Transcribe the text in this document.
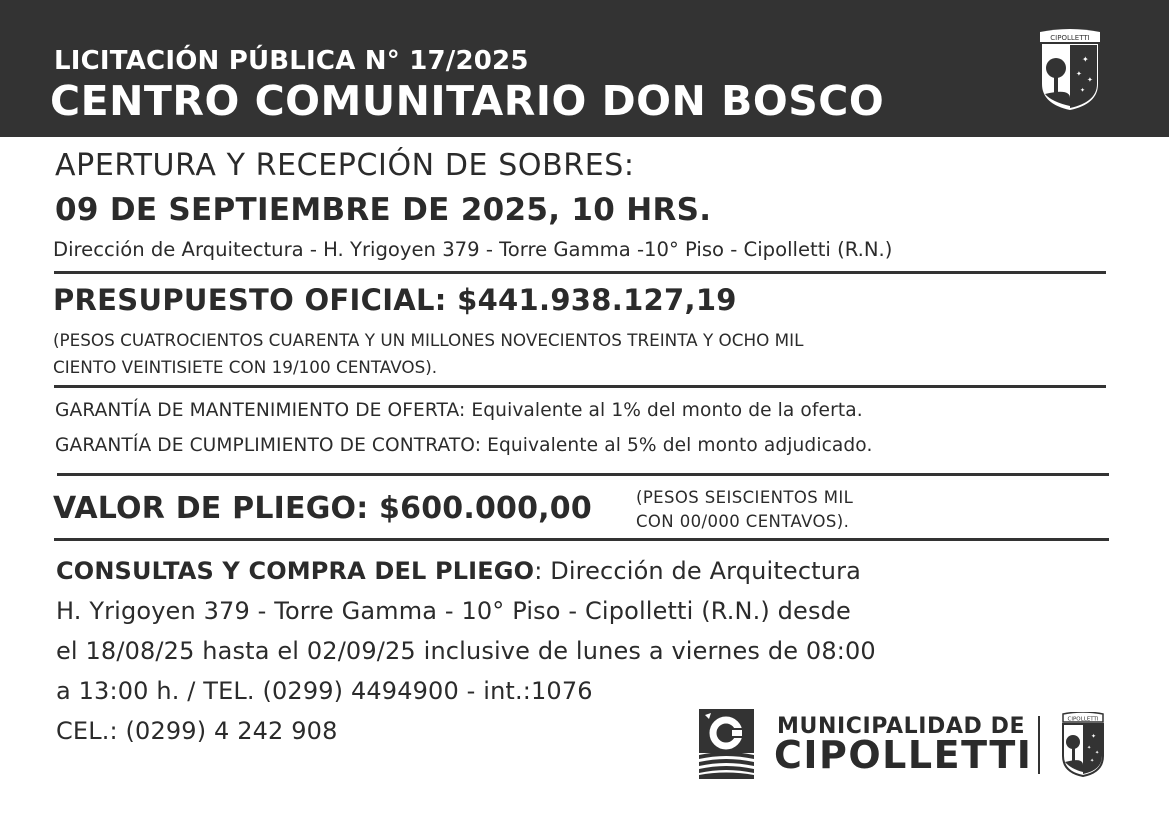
LICITACIÓN PÚBLICA N° 17/2025
CENTRO COMUNITARIO DON BOSCO
CIPOLLETTI
✦
✦
✦
✦
APERTURA Y RECEPCIÓN DE SOBRES:
09 DE SEPTIEMBRE DE 2025, 10 HRS.
Dirección de Arquitectura - H. Yrigoyen 379 - Torre Gamma -10° Piso - Cipolletti (R.N.)
PRESUPUESTO OFICIAL: $441.938.127,19
(PESOS CUATROCIENTOS CUARENTA Y UN MILLONES NOVECIENTOS TREINTA Y OCHO MIL
CIENTO VEINTISIETE CON 19/100 CENTAVOS).
GARANTÍA DE MANTENIMIENTO DE OFERTA: Equivalente al 1% del monto de la oferta.
GARANTÍA DE CUMPLIMIENTO DE CONTRATO: Equivalente al 5% del monto adjudicado.
VALOR DE PLIEGO: $600.000,00	(PESOS SEISCIENTOS MIL
CON 00/000 CENTAVOS).
CONSULTAS Y COMPRA DEL PLIEGO: Dirección de Arquitectura
H. Yrigoyen 379 - Torre Gamma - 10° Piso - Cipolletti (R.N.) desde
el 18/08/25 hasta el 02/09/25 inclusive de lunes a viernes de 08:00
a 13:00 h. / TEL. (0299) 4494900 - int.:1076
CEL.: (0299) 4 242 908	MUNICIPALIDAD DE
CIPOLLETTI
CIPOLLETTI
✦
✦
✦
✦
